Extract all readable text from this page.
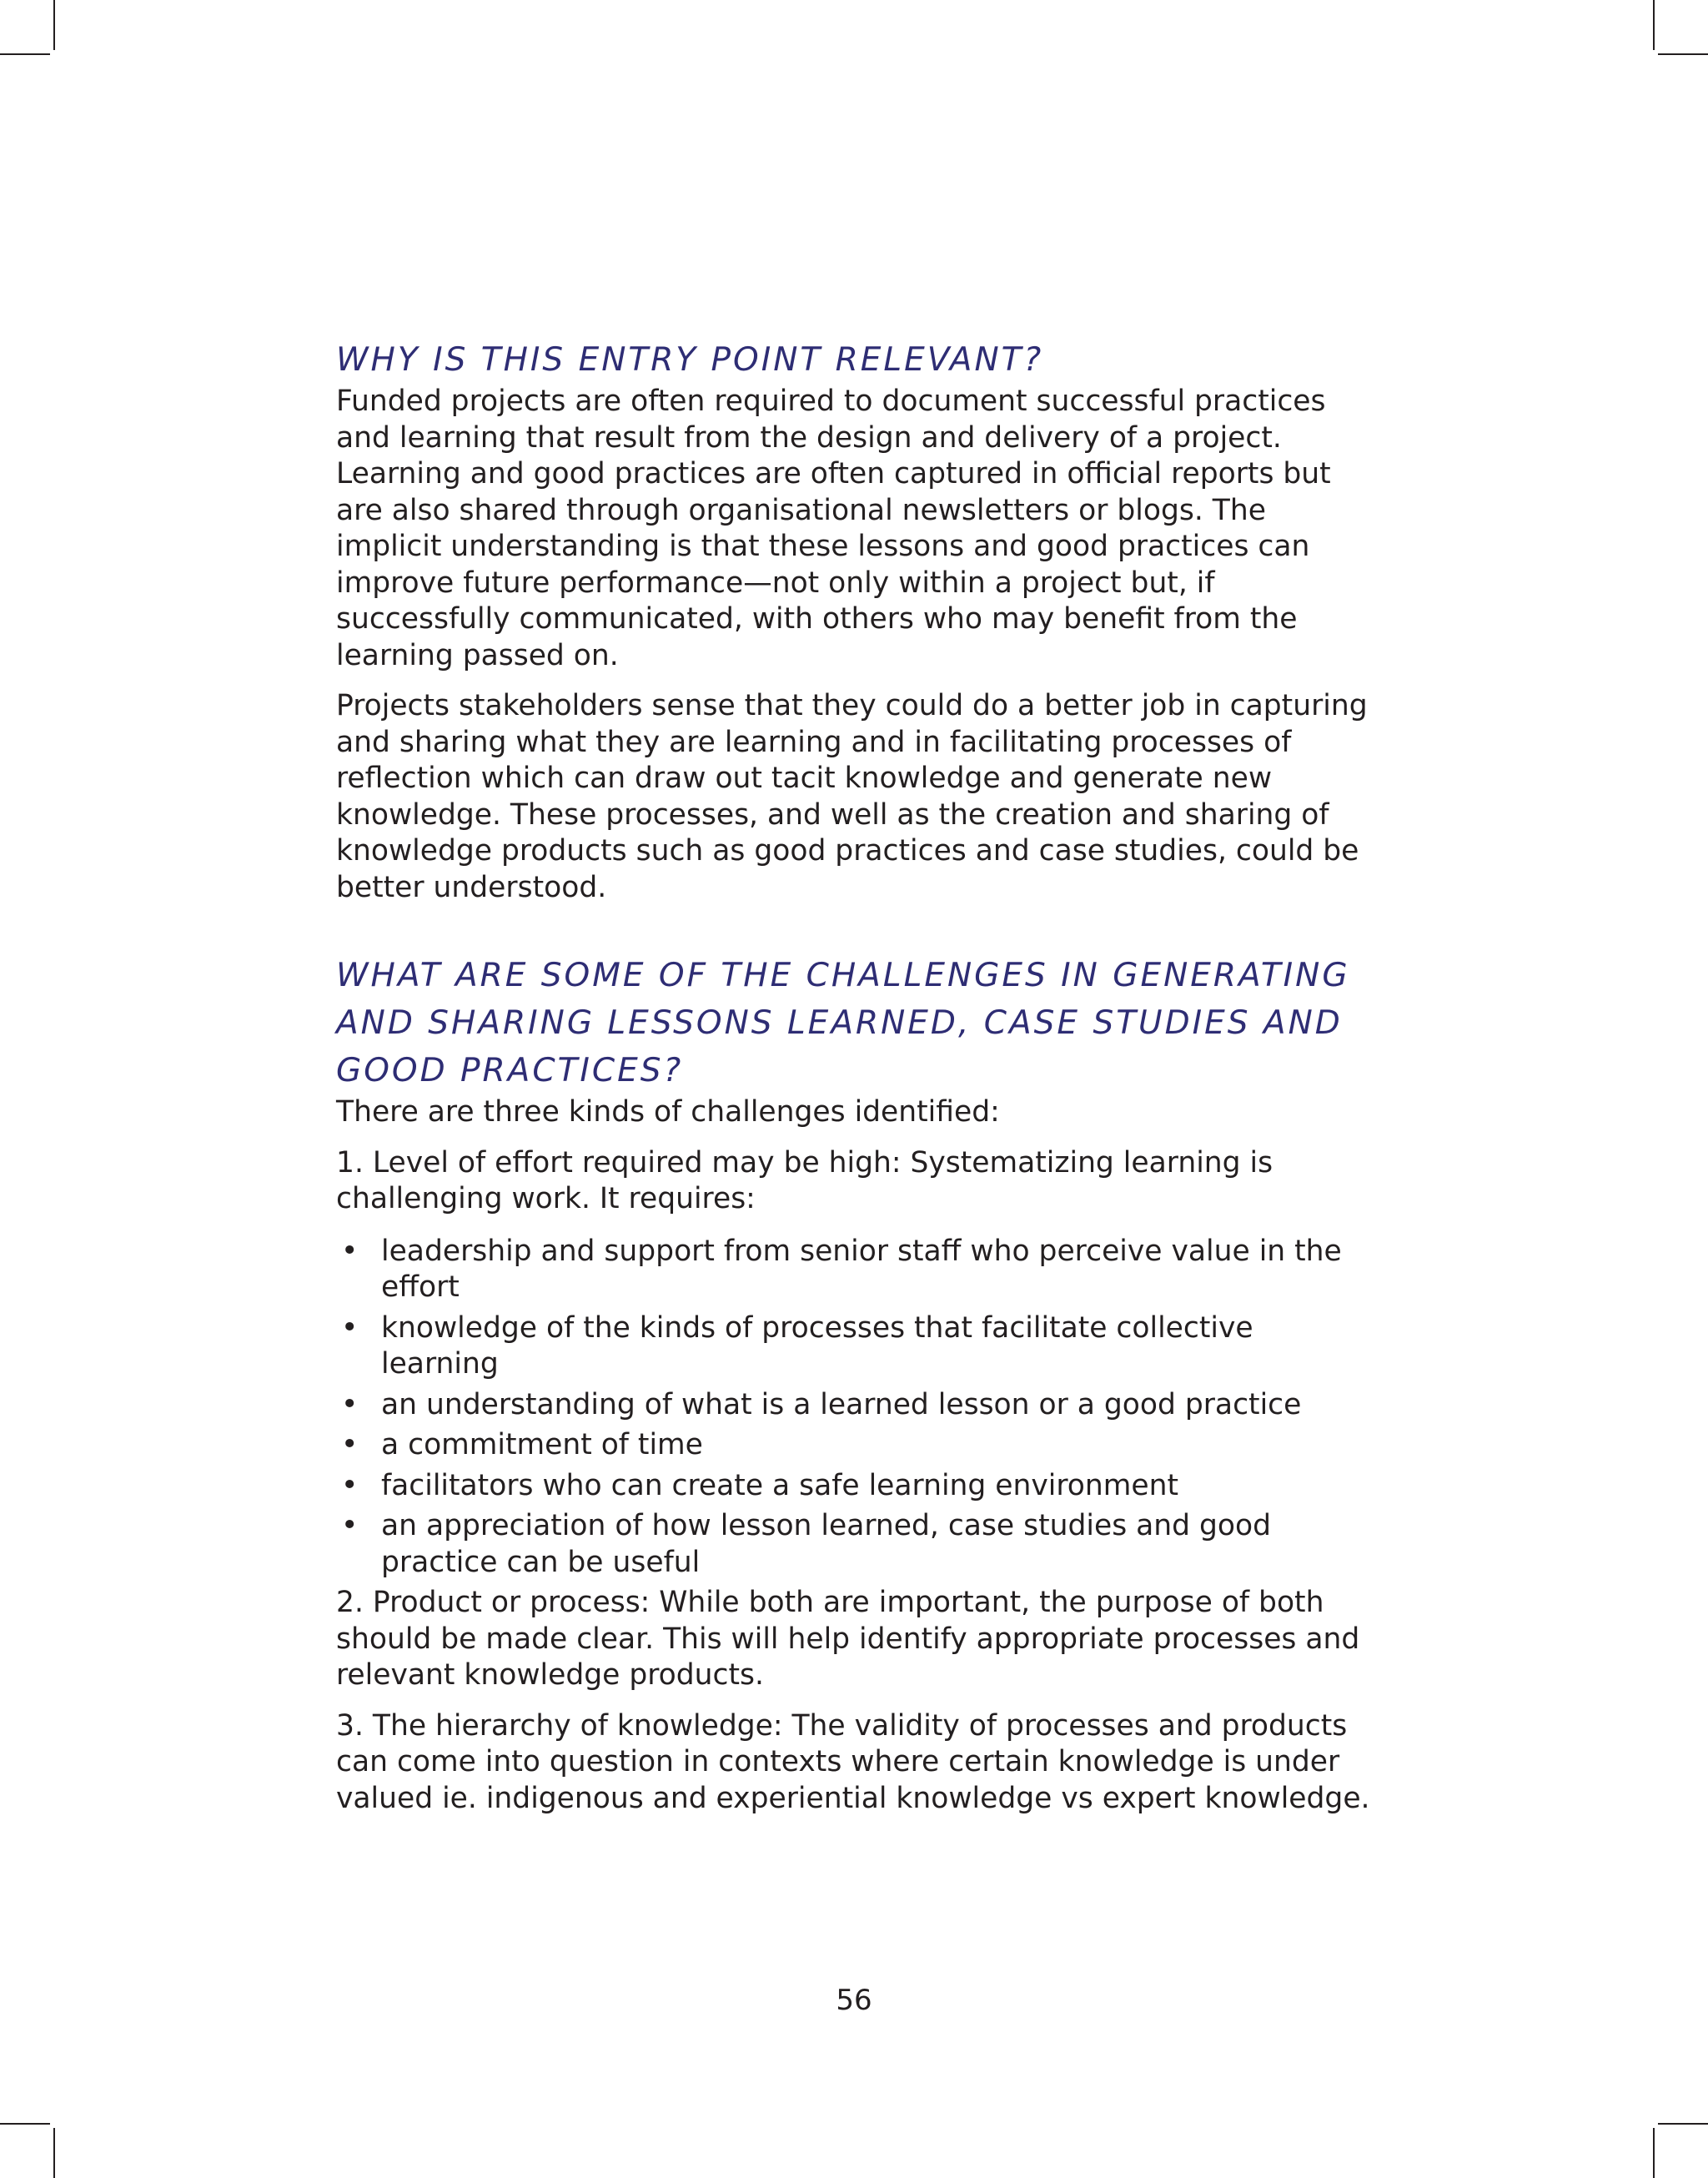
WHY IS THIS ENTRY POINT RELEVANT?

Funded projects are often required to document successful practices and learning that result from the design and delivery of a project. Learning and good practices are often captured in official reports but are also shared through organisational newsletters or blogs. The implicit understanding is that these lessons and good practices can improve future performance—not only within a project but, if successfully communicated, with others who may benefit from the learning passed on.

Projects stakeholders sense that they could do a better job in capturing and sharing what they are learning and in facilitating processes of reflection which can draw out tacit knowledge and generate new knowledge. These processes, and well as the creation and sharing of knowledge products such as good practices and case studies, could be better understood.

WHAT ARE SOME OF THE CHALLENGES IN GENERATING AND SHARING LESSONS LEARNED, CASE STUDIES AND GOOD PRACTICES?

There are three kinds of challenges identified:

1. Level of effort required may be high: Systematizing learning is challenging work. It requires:

• leadership and support from senior staff who perceive value in the effort
• knowledge of the kinds of processes that facilitate collective learning
• an understanding of what is a learned lesson or a good practice
• a commitment of time
• facilitators who can create a safe learning environment
• an appreciation of how lesson learned, case studies and good practice can be useful

2. Product or process: While both are important, the purpose of both should be made clear. This will help identify appropriate processes and relevant knowledge products.

3. The hierarchy of knowledge: The validity of processes and products can come into question in contexts where certain knowledge is under valued ie. indigenous and experiential knowledge vs expert knowledge.

56
